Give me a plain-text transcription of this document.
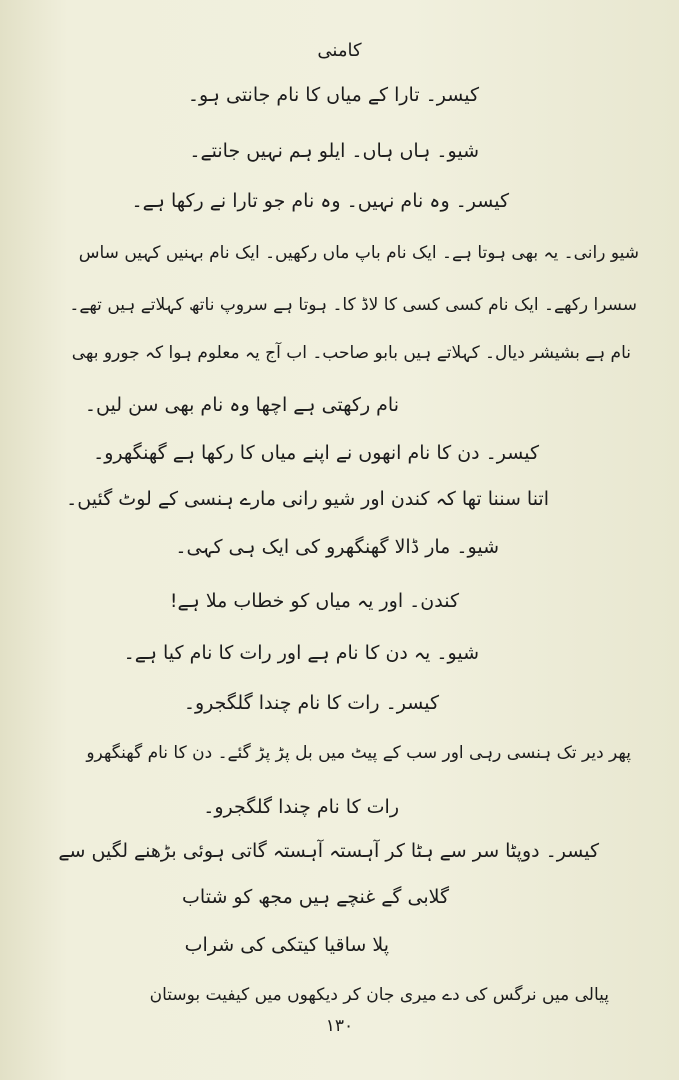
کامنی
کیسر۔ تارا کے میاں کا نام جانتی ہو۔
شیو۔ ہاں ہاں۔ ایلو ہم نہیں جانتے۔
کیسر۔ وہ نام نہیں۔ وہ نام جو تارا نے رکھا ہے۔
شیو رانی۔ یہ بھی ہوتا ہے۔ ایک نام باپ ماں رکھیں۔ ایک نام بہنیں کہیں ساس
سسرا رکھے۔ ایک نام کسی کسی کا لاڈ کا۔ ہوتا ہے سروپ ناتھ کہلاتے ہیں تھے۔
نام ہے بشیشر دیال۔ کہلاتے ہیں بابو صاحب۔ اب آج یہ معلوم ہوا کہ جورو بھی
نام رکھتی ہے اچھا وہ نام بھی سن لیں۔
کیسر۔ دن کا نام انھوں نے اپنے میاں کا رکھا ہے گھنگھرو۔
اتنا سننا تھا کہ کندن اور شیو رانی مارے ہنسی کے لوٹ گئیں۔
شیو۔ مار ڈالا گھنگھرو کی ایک ہی کہی۔
کندن۔ اور یہ میاں کو خطاب ملا ہے!
شیو۔ یہ دن کا نام ہے اور رات کا نام کیا ہے۔
کیسر۔ رات کا نام چندا گلگجرو۔
پھر دیر تک ہنسی رہی اور سب کے پیٹ میں بل پڑ پڑ گئے۔ دن کا نام گھنگھرو
رات کا نام چندا گلگجرو۔
کیسر۔ دوپٹا سر سے ہٹا کر آہستہ آہستہ گاتی ہوئی بڑھنے لگیں سے
گلابی گے غنچے ہیں مجھ کو شتاب
پلا ساقیا کیتکی کی شراب
پیالی میں نرگس کی دے میری جان کر دیکھوں میں کیفیت بوستان
۱۳۰
